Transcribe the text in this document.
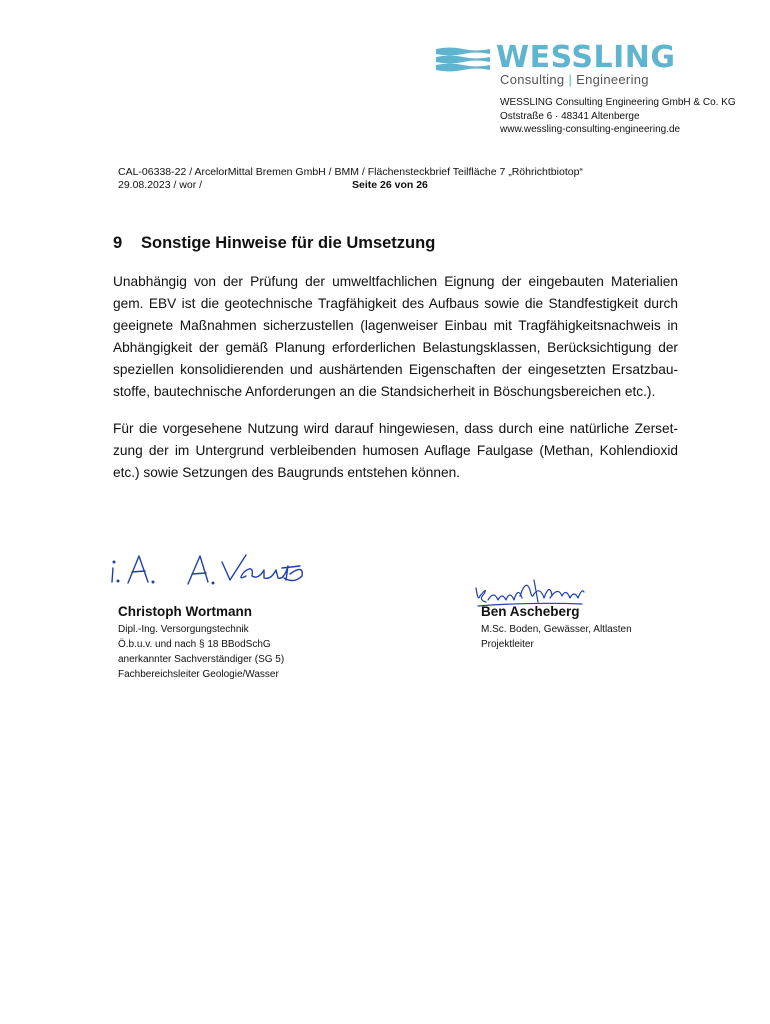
WESSLING
Consulting | Engineering
WESSLING Consulting Engineering GmbH & Co. KG
Oststraße 6 · 48341 Altenberge
www.wessling-consulting-engineering.de
CAL-06338-22 / ArcelorMittal Bremen GmbH / BMM / Flächensteckbrief Teilfläche 7 „Röhrichtbiotop“
29.08.2023 / wor /	Seite 26 von 26
9 Sonstige Hinweise für die Umsetzung

Unabhängig von der Prüfung der umweltfachlichen Eignung der eingebauten Materialien gem. EBV ist die geotechnische Tragfähigkeit des Aufbaus sowie die Standfestigkeit durch geeignete Maßnahmen sicherzustellen (lagenweiser Einbau mit Tragfähigkeitsnachweis in Abhängigkeit der gemäß Planung erforderlichen Belastungsklassen, Berücksichtigung der speziellen konsolidierenden und aushärtenden Eigenschaften der eingesetzten Ersatzbaustoffe, bautechnische Anforderungen an die Standsicherheit in Böschungsbereichen etc.).

Für die vorgesehene Nutzung wird darauf hingewiesen, dass durch eine natürliche Zersetzung der im Untergrund verbleibenden humosen Auflage Faulgase (Methan, Kohlendioxid etc.) sowie Setzungen des Baugrunds entstehen können.

Christoph Wortmann
Dipl.-Ing. Versorgungstechnik
Ö.b.u.v. und nach § 18 BBodSchG
anerkannter Sachverständiger (SG 5)
Fachbereichsleiter Geologie/Wasser
Ben Ascheberg
M.Sc. Boden, Gewässer, Altlasten
Projektleiter
